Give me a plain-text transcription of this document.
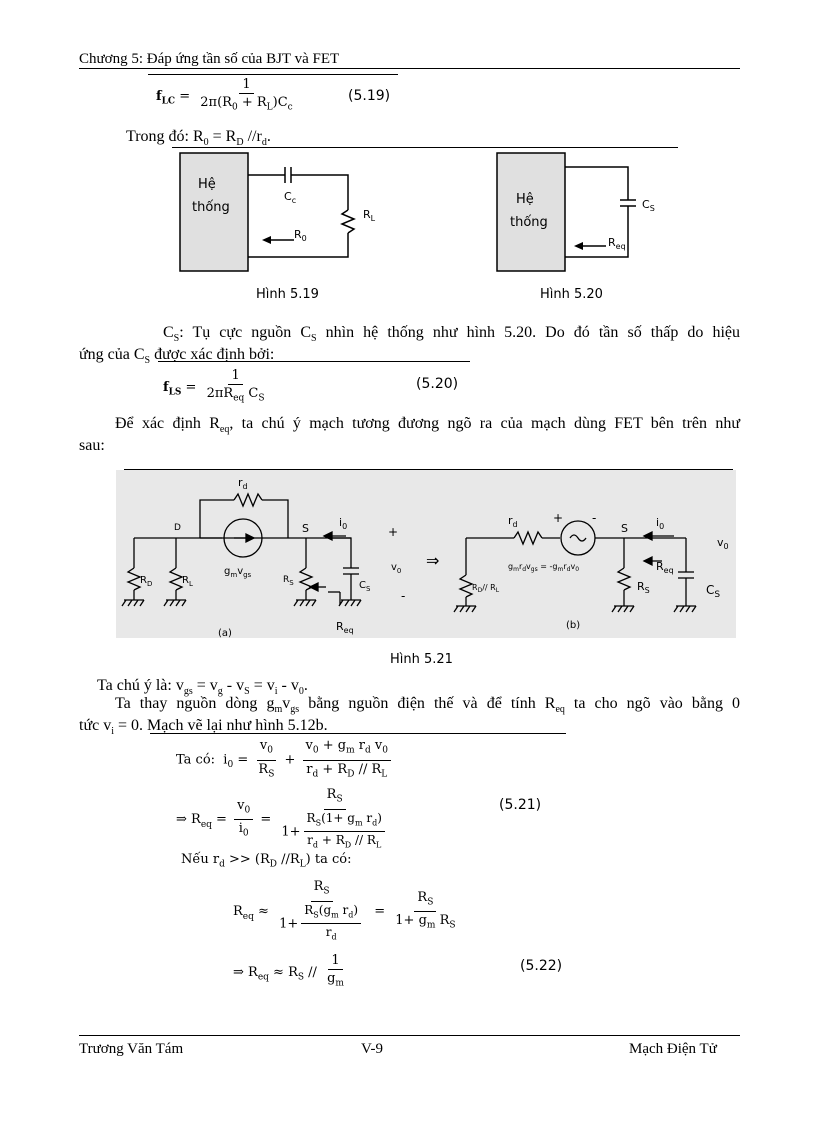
Chương 5: Đáp ứng tần số của BJT và FET
$f_{LC} = \frac{1}{2\pi(R_0 + R_L)C_c}$	(5.19)
Trong đó: $R_0 = R_D$ $//r_d$.
Hệ
thống
$C_c$
$R_L$
$R_0$
Hình 5.19
Hệ
thống
$C_S$
$R_{eq}$
Hình 5.20
$C_S$: Tụ cực nguồn $C_S$ nhìn hệ thống như hình 5.20. Do đó tần số thấp do hiệu
ứng của $C_S$ được xác định bởi:
$f_{LS} = \frac{1}{2\pi R_{eq} C_S}$	(5.20)
Để xác định $R_{eq}$, ta chú ý mạch tương đương ngõ ra của mạch dùng FET bên trên như
sau:
$r_d$
D	S	$i_0$
$g_mv_{gs}$
$R_D$	$R_L$	$R_S$	$C_S$
$R_{eq}$
(a)
+
$v_0$
-
⇒
$r_d$	+ -
S	$i_0$
$v_0$
$g_mr_dv_{gs} = -g_mr_dv_0$	$R_{eq}$
$R_S$	$C_S$
$R_D//$ $R_L$
(b)
Hình 5.21
Ta chú ý là: $v_{gs} = v_g - v_S = v_i - v_0$.
Ta thay nguồn dòng $g_mv_{gs}$ bằng nguồn điện thế và để tính $R_{eq}$ ta cho ngõ vào bằng 0
tức $v_i = 0$. Mạch vẽ lại như hình 5.12b.
Ta có:  $i_0 = \frac{v_0}{R_S} + \frac{v_0 + g_m r_d v_0}{r_d + R_D // R_L}$
⇒ $R_{eq} = \frac{v_0}{i_0} = \frac{R_S}{1+ \frac{R_S(1+ g_m r_d)}{r_d + R_D // R_L}}$	(5.21)
Nếu $r_d >> (R_D$ $//R_L$) ta có:
$R_{eq} \approx \frac{R_S}{1+ \frac{R_S(g_m r_d)}{r_d}} = \frac{R_S}{1+ g_m R_S}$
⇒ $R_{eq} \approx R_S // \frac{1}{g_m}$	(5.22)
Trương Văn Tám	V-9	Mạch Điện Tử
